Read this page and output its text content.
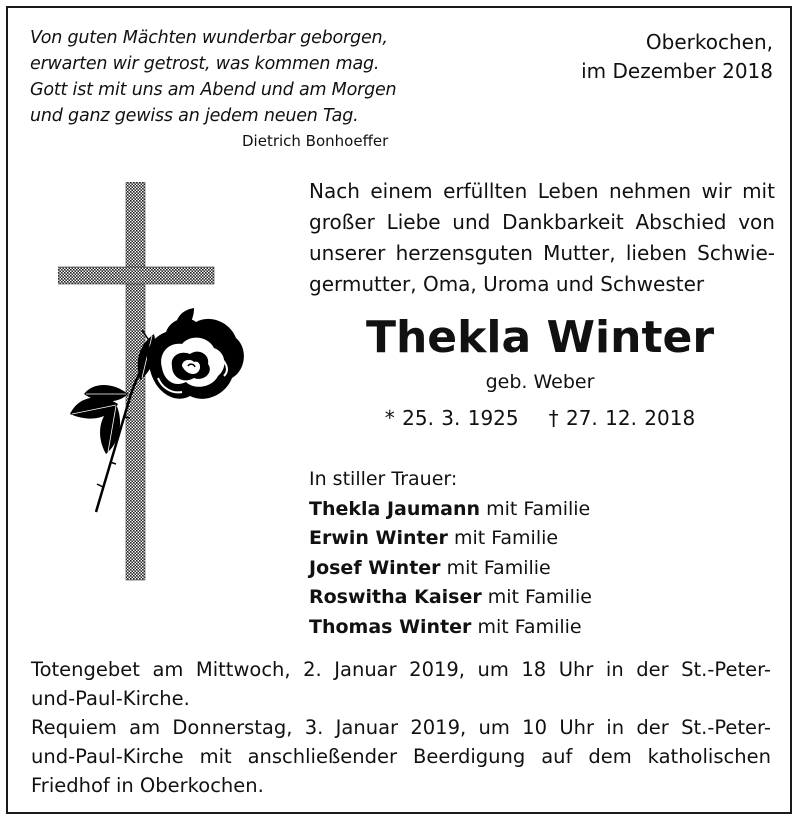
Von guten Mächten wunderbar geborgen,
erwarten wir getrost, was kommen mag.
Gott ist mit uns am Abend und am Morgen
und ganz gewiss an jedem neuen Tag.
Dietrich Bonhoeffer
Oberkochen,
im Dezember 2018
Nach einem erfüllten Leben nehmen wir mit
großer Liebe und Dankbarkeit Abschied von
unserer herzensguten Mutter, lieben Schwie-
germutter, Oma, Uroma und Schwester
Thekla Winter
geb. Weber
* 25. 3. 1925 † 27. 12. 2018
In stiller Trauer:
Thekla Jaumann mit Familie
Erwin Winter mit Familie
Josef Winter mit Familie
Roswitha Kaiser mit Familie
Thomas Winter mit Familie
Totengebet am Mittwoch, 2. Januar 2019, um 18 Uhr in der St.-Peter-
und-Paul-Kirche.
Requiem am Donnerstag, 3. Januar 2019, um 10 Uhr in der St.-Peter-
und-Paul-Kirche mit anschließender Beerdigung auf dem katholischen
Friedhof in Oberkochen.
